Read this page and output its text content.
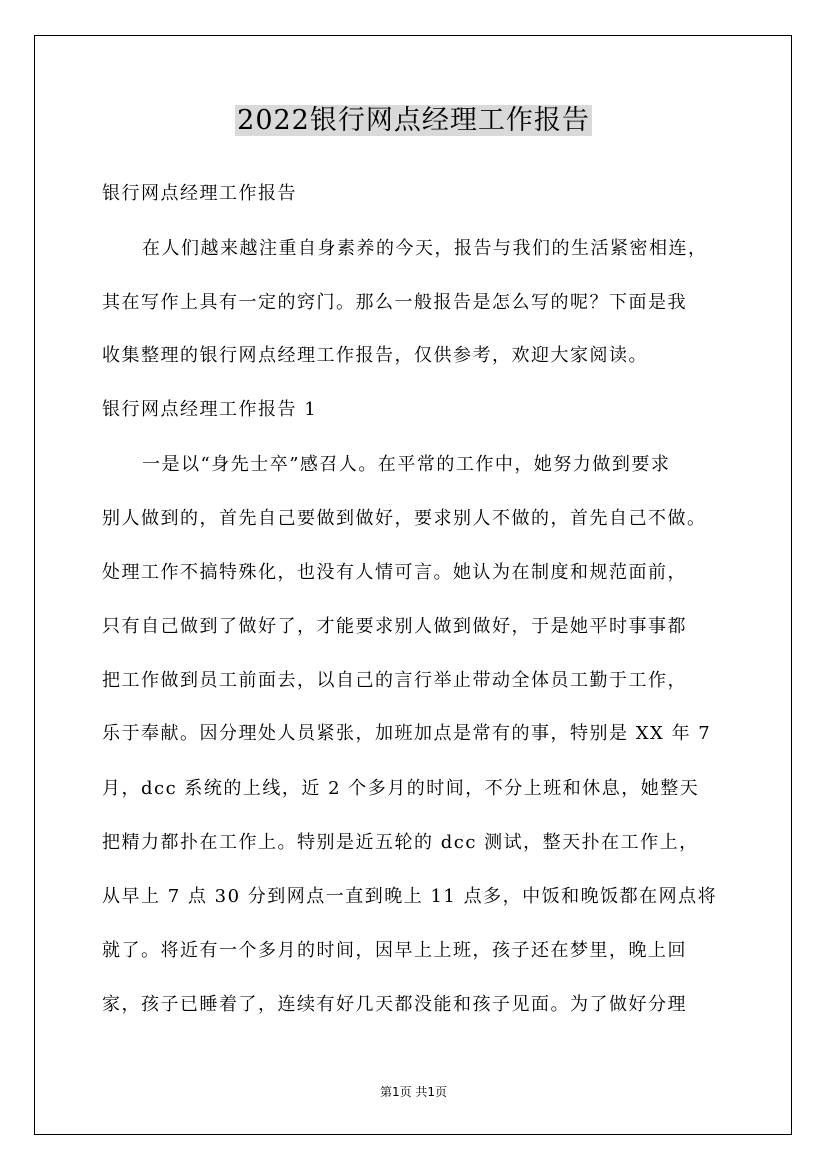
2022银行网点经理工作报告
银行网点经理工作报告
在人们越来越注重自身素养的今天，报告与我们的生活紧密相连，
其在写作上具有一定的窍门。那么一般报告是怎么写的呢？下面是我
收集整理的银行网点经理工作报告，仅供参考，欢迎大家阅读。
银行网点经理工作报告 1
一是以“身先士卒”感召人。在平常的工作中，她努力做到要求
别人做到的，首先自己要做到做好，要求别人不做的，首先自己不做。
处理工作不搞特殊化，也没有人情可言。她认为在制度和规范面前，
只有自己做到了做好了，才能要求别人做到做好，于是她平时事事都
把工作做到员工前面去，以自己的言行举止带动全体员工勤于工作，
乐于奉献。因分理处人员紧张，加班加点是常有的事，特别是 XX 年 7
月，dcc 系统的上线，近 2 个多月的时间，不分上班和休息，她整天
把精力都扑在工作上。特别是近五轮的 dcc 测试，整天扑在工作上，
从早上 7 点 30 分到网点一直到晚上 11 点多，中饭和晚饭都在网点将
就了。将近有一个多月的时间，因早上上班，孩子还在梦里，晚上回
家，孩子已睡着了，连续有好几天都没能和孩子见面。为了做好分理
第1页 共1页
